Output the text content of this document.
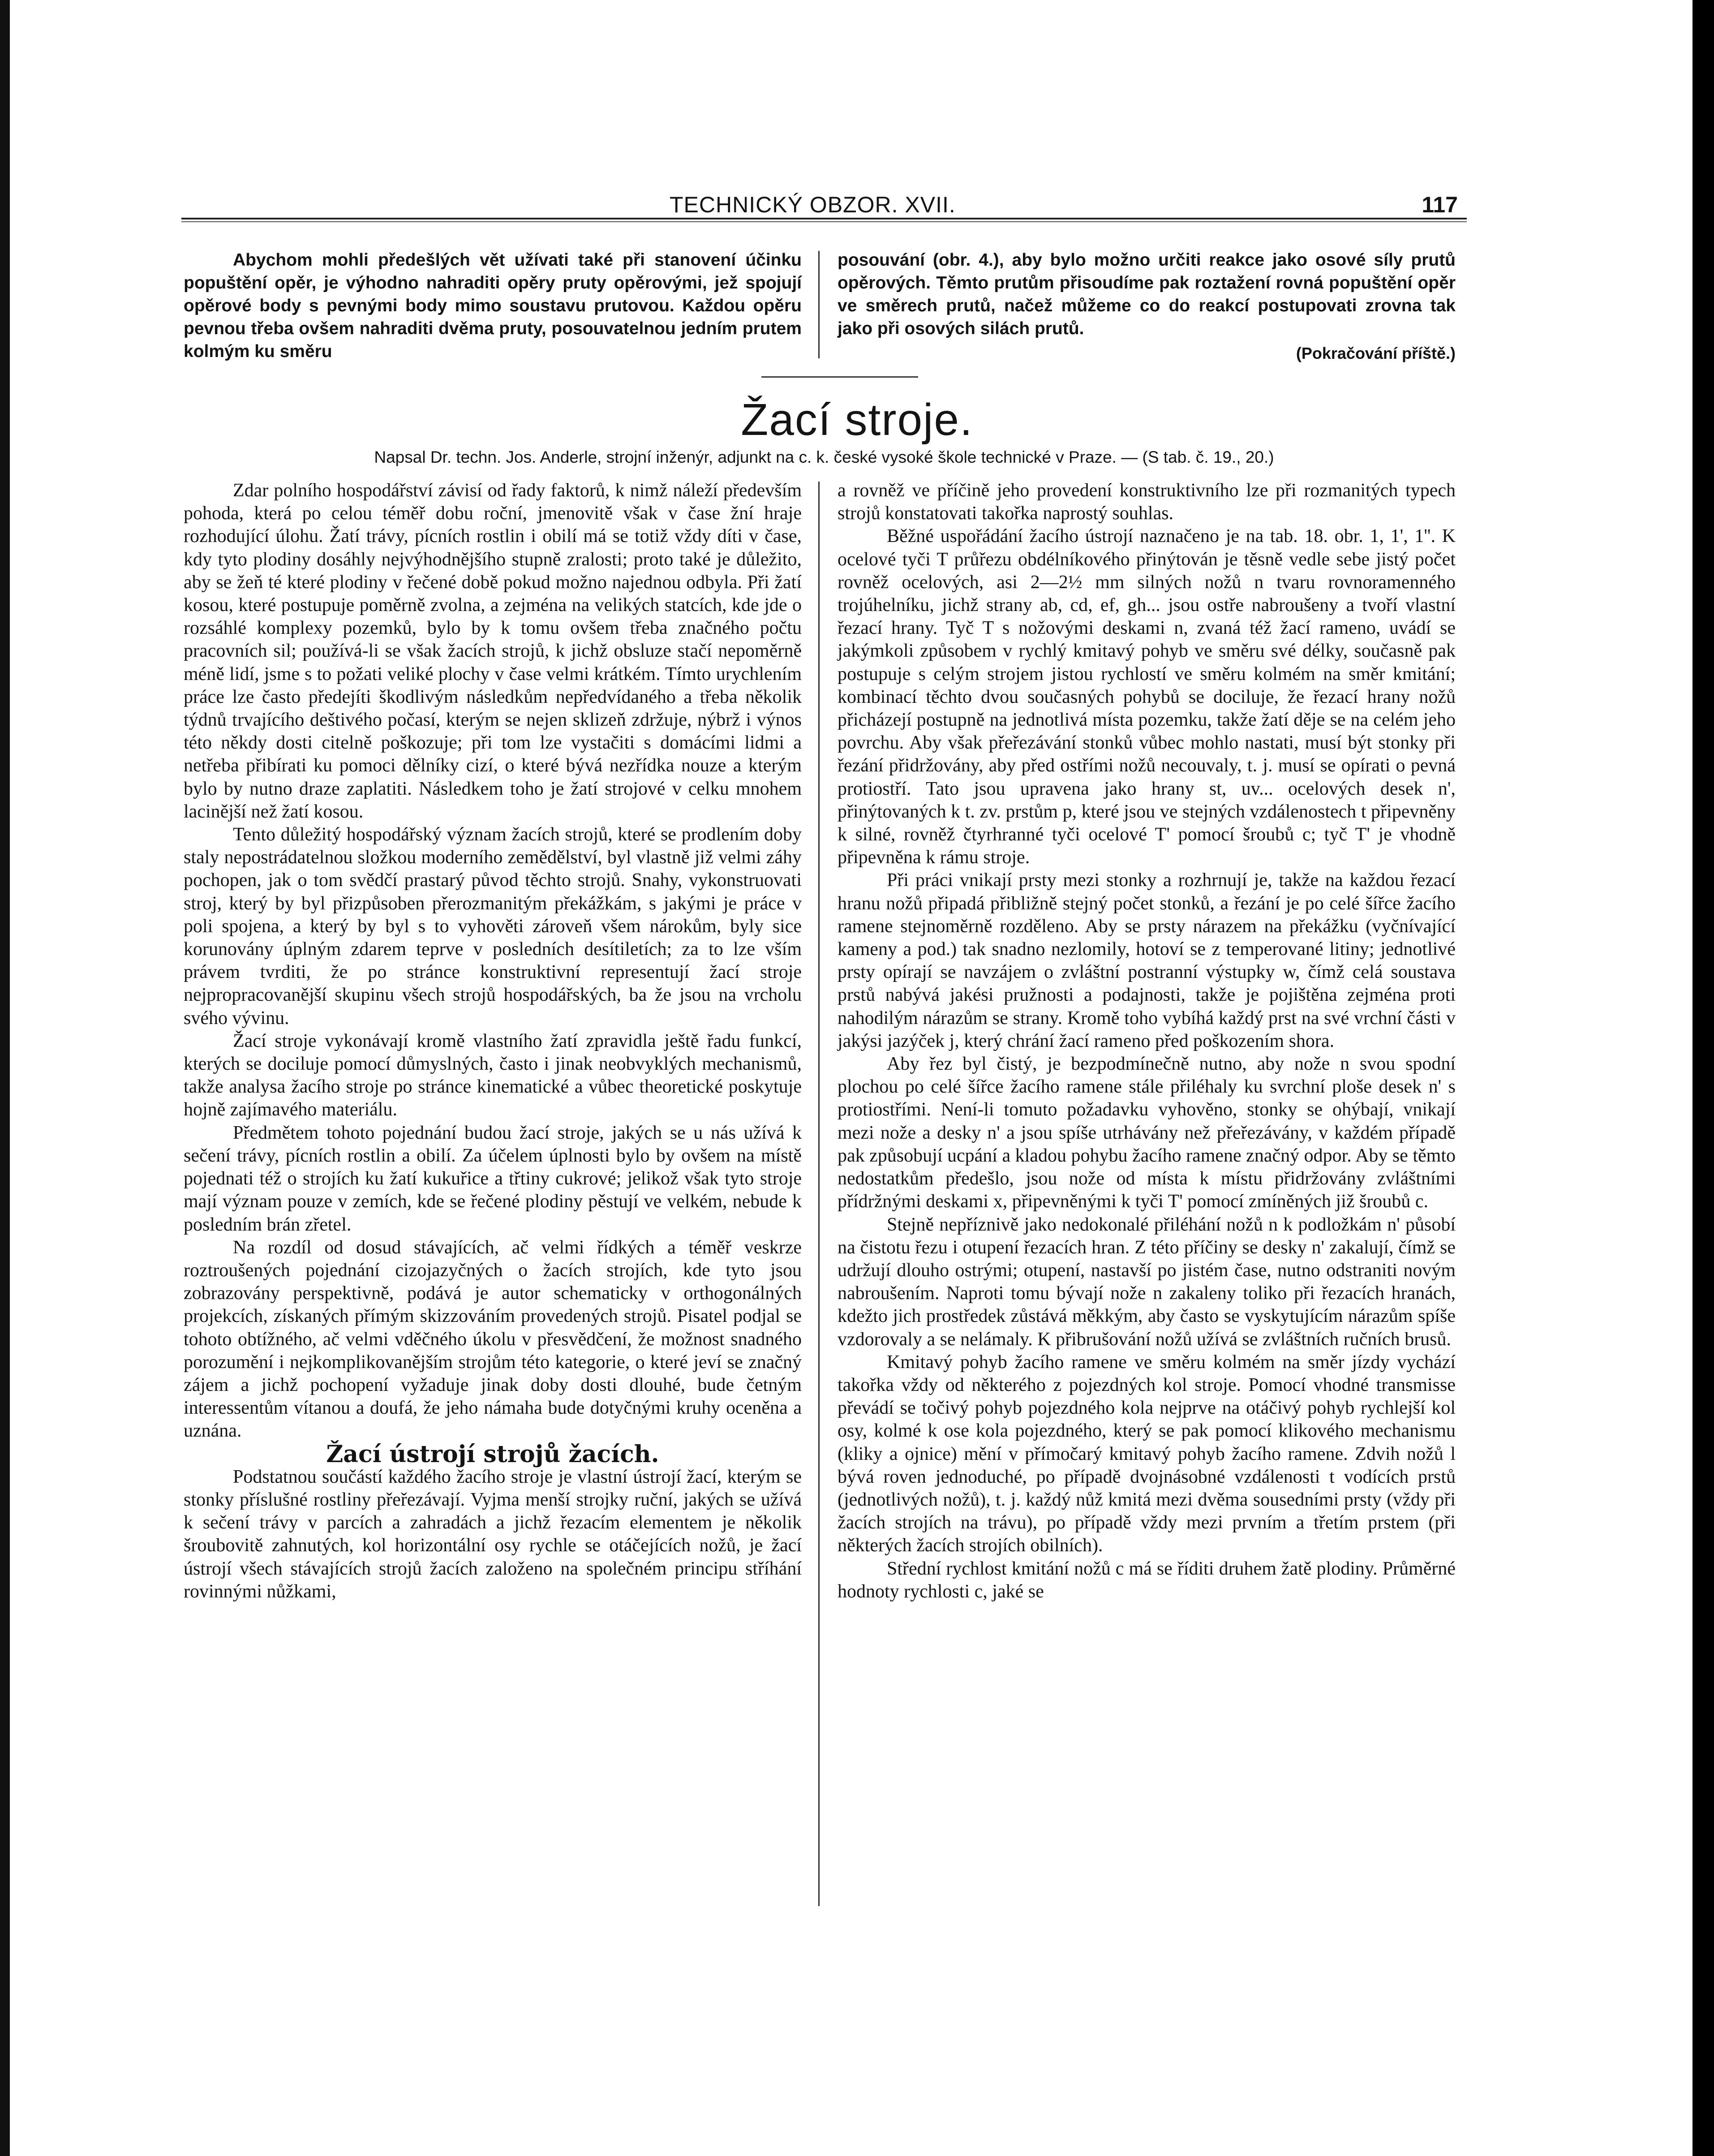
TECHNICKÝ OBZOR. XVII.	117

Abychom mohli předešlých vět užívati také při stanovení účinku popuštění opěr, je výhodno nahraditi opěry pruty opěrovými, jež spojují opěrové body s pevnými body mimo soustavu prutovou. Každou opěru pevnou třeba ovšem nahraditi dvěma pruty, posouvatelnou jedním prutem kolmým ku směru

posouvání (obr. 4.), aby bylo možno určiti reakce jako osové síly prutů opěrových. Těmto prutům přisoudíme pak roztažení rovná popuštění opěr ve směrech prutů, načež můžeme co do reakcí postupovati zrovna tak jako při osových silách prutů.

(Pokračování příště.)
Žací stroje.
Napsal Dr. techn. Jos. Anderle, strojní inženýr, adjunkt na c. k. české vysoké škole technické v Praze. — (S tab. č. 19., 20.)

Zdar polního hospodářství závisí od řady faktorů, k nimž náleží především pohoda, která po celou téměř dobu roční, jmenovitě však v čase žní hraje rozhodující úlohu. Žatí trávy, pícních rostlin i obilí má se totiž vždy díti v čase, kdy tyto plodiny dosáhly nejvýhodnějšího stupně zralosti; proto také je důležito, aby se žeň té které plodiny v řečené době pokud možno najednou odbyla. Při žatí kosou, které postupuje poměrně zvolna, a zejména na velikých statcích, kde jde o rozsáhlé komplexy pozemků, bylo by k tomu ovšem třeba značného počtu pracovních sil; používá-li se však žacích strojů, k jichž obsluze stačí nepoměrně méně lidí, jsme s to požati veliké plochy v čase velmi krátkém. Tímto urychlením práce lze často předejíti škodlivým následkům nepředvídaného a třeba několik týdnů trvajícího deštivého počasí, kterým se nejen sklizeň zdržuje, nýbrž i výnos této někdy dosti citelně poškozuje; při tom lze vystačiti s domácími lidmi a netřeba přibírati ku pomoci dělníky cizí, o které bývá nezřídka nouze a kterým bylo by nutno draze zaplatiti. Následkem toho je žatí strojové v celku mnohem lacinější než žatí kosou.

Tento důležitý hospodářský význam žacích strojů, které se prodlením doby staly nepostrádatelnou složkou moderního zemědělství, byl vlastně již velmi záhy pochopen, jak o tom svědčí prastarý původ těchto strojů. Snahy, vykonstruovati stroj, který by byl přizpůsoben přerozmanitým překážkám, s jakými je práce v poli spojena, a který by byl s to vyhověti zároveň všem nárokům, byly sice korunovány úplným zdarem teprve v posledních desítiletích; za to lze vším právem tvrditi, že po stránce konstruktivní representují žací stroje nejpropracovanější skupinu všech strojů hospodářských, ba že jsou na vrcholu svého vývinu.

Žací stroje vykonávají kromě vlastního žatí zpravidla ještě řadu funkcí, kterých se dociluje pomocí důmyslných, často i jinak neobvyklých mechanismů, takže analysa žacího stroje po stránce kinematické a vůbec theoretické poskytuje hojně zajímavého materiálu.

Předmětem tohoto pojednání budou žací stroje, jakých se u nás užívá k sečení trávy, pícních rostlin a obilí. Za účelem úplnosti bylo by ovšem na místě pojednati též o strojích ku žatí kukuřice a třtiny cukrové; jelikož však tyto stroje mají význam pouze v zemích, kde se řečené plodiny pěstují ve velkém, nebude k posledním brán zřetel.

Na rozdíl od dosud stávajících, ač velmi řídkých a téměř veskrze roztroušených pojednání cizojazyčných o žacích strojích, kde tyto jsou zobrazovány perspektivně, podává je autor schematicky v orthogonálných projekcích, získaných přímým skizzováním provedených strojů. Pisatel podjal se tohoto obtížného, ač velmi vděčného úkolu v přesvědčení, že možnost snadného porozumění i nejkomplikovanějším strojům této kategorie, o které jeví se značný zájem a jichž pochopení vyžaduje jinak doby dosti dlouhé, bude četným interessentům vítanou a doufá, že jeho námaha bude dotyčnými kruhy oceněna a uznána.

Žací ústrojí strojů žacích.

Podstatnou součástí každého žacího stroje je vlastní ústrojí žací, kterým se stonky příslušné rostliny přeřezávají. Vyjma menší strojky ruční, jakých se užívá k sečení trávy v parcích a zahradách a jichž řezacím elementem je několik šroubovitě zahnutých, kol horizontální osy rychle se otáčejících nožů, je žací ústrojí všech stávajících strojů žacích založeno na společném principu stříhání rovinnými nůžkami,

a rovněž ve příčině jeho provedení konstruktivního lze při rozmanitých typech strojů konstatovati takořka naprostý souhlas.

Běžné uspořádání žacího ústrojí naznačeno je na tab. 18. obr. 1, 1', 1''. K ocelové tyči T průřezu obdélníkového přinýtován je těsně vedle sebe jistý počet rovněž ocelových, asi 2—2½ mm silných nožů n tvaru rovnoramenného trojúhelníku, jichž strany ab, cd, ef, gh... jsou ostře nabroušeny a tvoří vlastní řezací hrany. Tyč T s nožovými deskami n, zvaná též žací rameno, uvádí se jakýmkoli způsobem v rychlý kmitavý pohyb ve směru své délky, současně pak postupuje s celým strojem jistou rychlostí ve směru kolmém na směr kmitání; kombinací těchto dvou současných pohybů se dociluje, že řezací hrany nožů přicházejí postupně na jednotlivá místa pozemku, takže žatí děje se na celém jeho povrchu. Aby však přeřezávání stonků vůbec mohlo nastati, musí být stonky při řezání přidržovány, aby před ostřími nožů necouvaly, t. j. musí se opírati o pevná protiostří. Tato jsou upravena jako hrany st, uv... ocelových desek n', přinýtovaných k t. zv. prstům p, které jsou ve stejných vzdálenostech t připevněny k silné, rovněž čtyrhranné tyči ocelové T' pomocí šroubů c; tyč T' je vhodně připevněna k rámu stroje.

Při práci vnikají prsty mezi stonky a rozhrnují je, takže na každou řezací hranu nožů připadá přibližně stejný počet stonků, a řezání je po celé šířce žacího ramene stejnoměrně rozděleno. Aby se prsty nárazem na překážku (vyčnívající kameny a pod.) tak snadno nezlomily, hotoví se z temperované litiny; jednotlivé prsty opírají se navzájem o zvláštní postranní výstupky w, čímž celá soustava prstů nabývá jakési pružnosti a podajnosti, takže je pojištěna zejména proti nahodilým nárazům se strany. Kromě toho vybíhá každý prst na své vrchní části v jakýsi jazýček j, který chrání žací rameno před poškozením shora.

Aby řez byl čistý, je bezpodmínečně nutno, aby nože n svou spodní plochou po celé šířce žacího ramene stále přiléhaly ku svrchní ploše desek n' s protiostřími. Není-li tomuto požadavku vyhověno, stonky se ohýbají, vnikají mezi nože a desky n' a jsou spíše utrhávány než přeřezávány, v každém případě pak způsobují ucpání a kladou pohybu žacího ramene značný odpor. Aby se těmto nedostatkům předešlo, jsou nože od místa k místu přidržovány zvláštními přídržnými deskami x, připevněnými k tyči T' pomocí zmíněných již šroubů c.

Stejně nepříznivě jako nedokonalé přiléhání nožů n k podložkám n' působí na čistotu řezu i otupení řezacích hran. Z této příčiny se desky n' zakalují, čímž se udržují dlouho ostrými; otupení, nastavší po jistém čase, nutno odstraniti novým nabroušením. Naproti tomu bývají nože n zakaleny toliko při řezacích hranách, kdežto jich prostředek zůstává měkkým, aby často se vyskytujícím nárazům spíše vzdorovaly a se nelámaly. K přibrušování nožů užívá se zvláštních ručních brusů.

Kmitavý pohyb žacího ramene ve směru kolmém na směr jízdy vychází takořka vždy od některého z pojezdných kol stroje. Pomocí vhodné transmisse převádí se točivý pohyb pojezdného kola nejprve na otáčivý pohyb rychlejší kol osy, kolmé k ose kola pojezdného, který se pak pomocí klikového mechanismu (kliky a ojnice) mění v přímočarý kmitavý pohyb žacího ramene. Zdvih nožů l bývá roven jednoduché, po případě dvojnásobné vzdálenosti t vodících prstů (jednotlivých nožů), t. j. každý nůž kmitá mezi dvěma sousedními prsty (vždy při žacích strojích na trávu), po případě vždy mezi prvním a třetím prstem (při některých žacích strojích obilních).

Střední rychlost kmitání nožů c má se říditi druhem žatě plodiny. Průměrné hodnoty rychlosti c, jaké se
